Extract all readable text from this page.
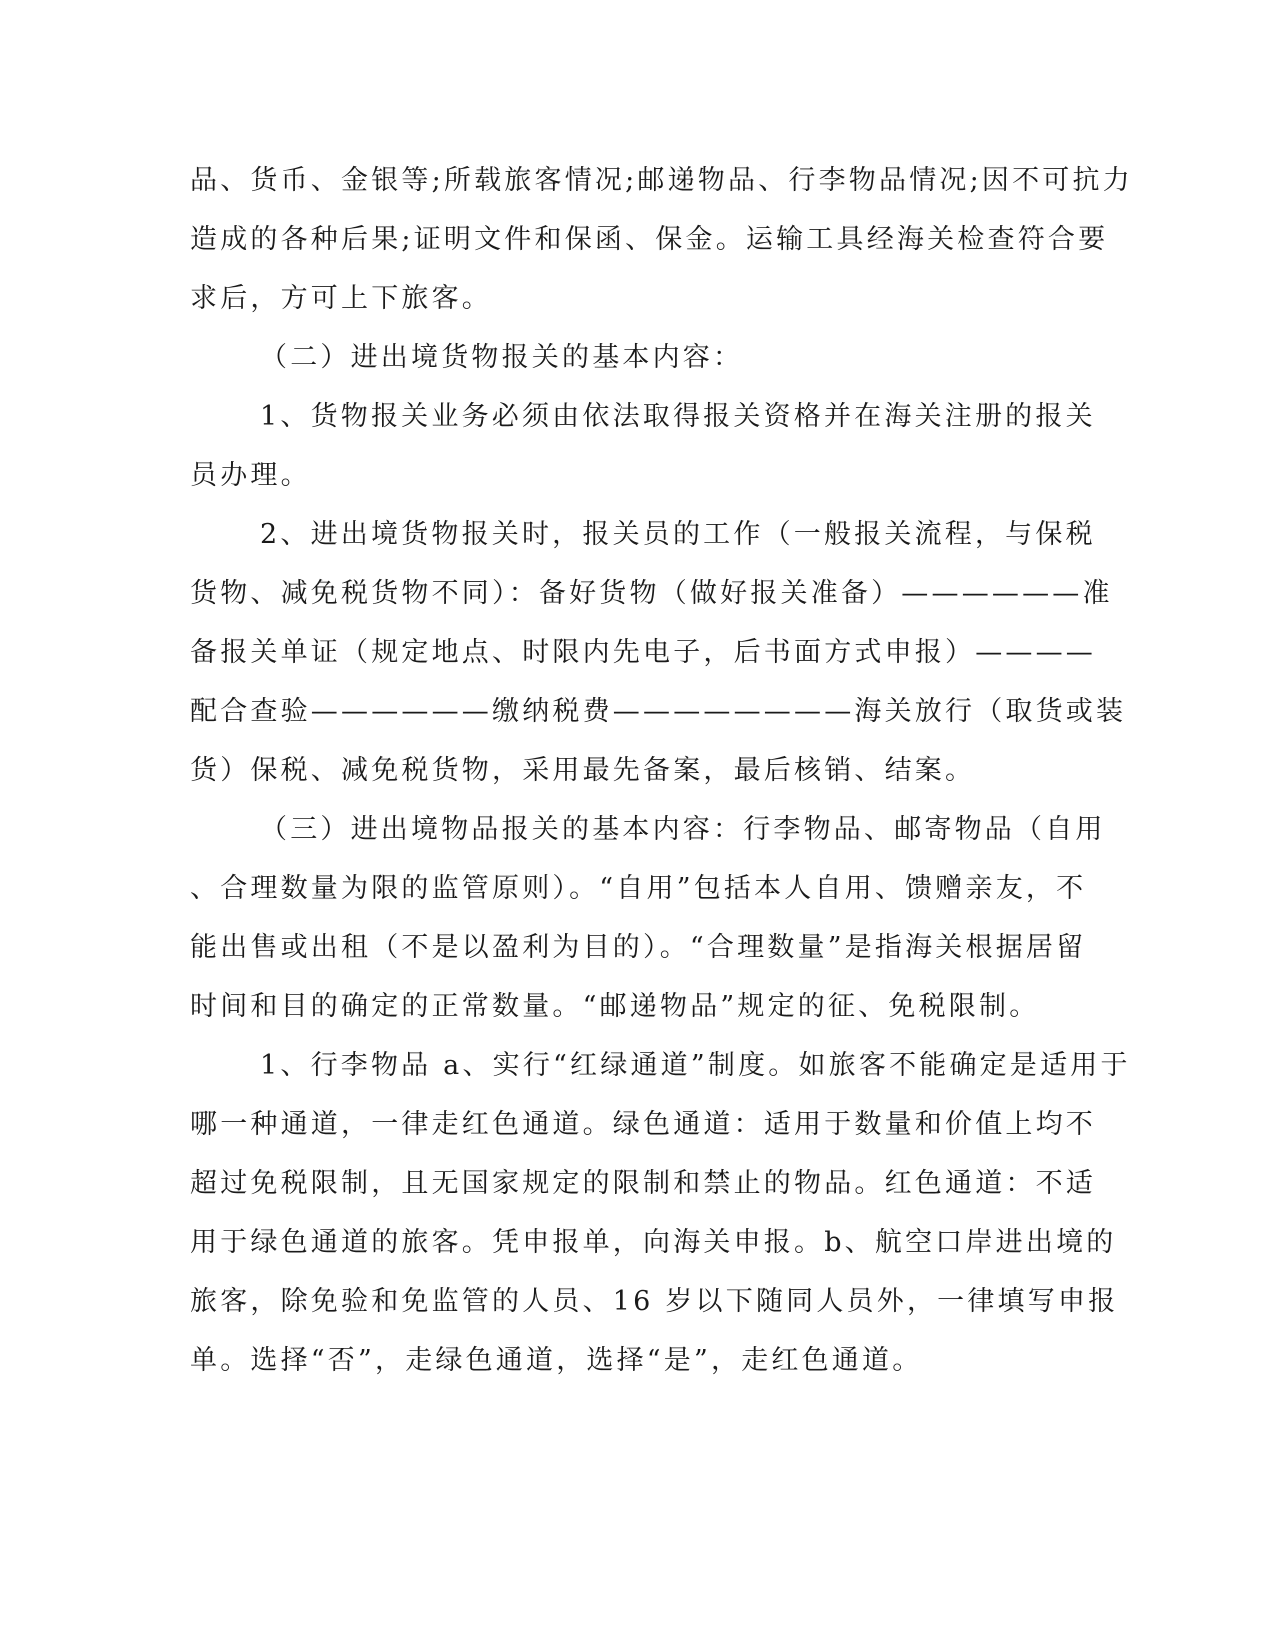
品、货币、金银等;所载旅客情况;邮递物品、行李物品情况;因不可抗力
造成的各种后果;证明文件和保函、保金。运输工具经海关检查符合要
求后，方可上下旅客。
（二）进出境货物报关的基本内容：
1、货物报关业务必须由依法取得报关资格并在海关注册的报关
员办理。
2、进出境货物报关时，报关员的工作（一般报关流程，与保税
货物、减免税货物不同）：备好货物（做好报关准备）——————准
备报关单证（规定地点、时限内先电子，后书面方式申报）————
配合查验——————缴纳税费————————海关放行（取货或装
货）保税、减免税货物，采用最先备案，最后核销、结案。
（三）进出境物品报关的基本内容：行李物品、邮寄物品（自用
、合理数量为限的监管原则）。“自用”包括本人自用、馈赠亲友，不
能出售或出租（不是以盈利为目的）。“合理数量”是指海关根据居留
时间和目的确定的正常数量。“邮递物品”规定的征、免税限制。
1、行李物品 a、实行“红绿通道”制度。如旅客不能确定是适用于
哪一种通道，一律走红色通道。绿色通道：适用于数量和价值上均不
超过免税限制，且无国家规定的限制和禁止的物品。红色通道：不适
用于绿色通道的旅客。凭申报单，向海关申报。b、航空口岸进出境的
旅客，除免验和免监管的人员、16 岁以下随同人员外，一律填写申报
单。选择“否”，走绿色通道，选择“是”，走红色通道。
